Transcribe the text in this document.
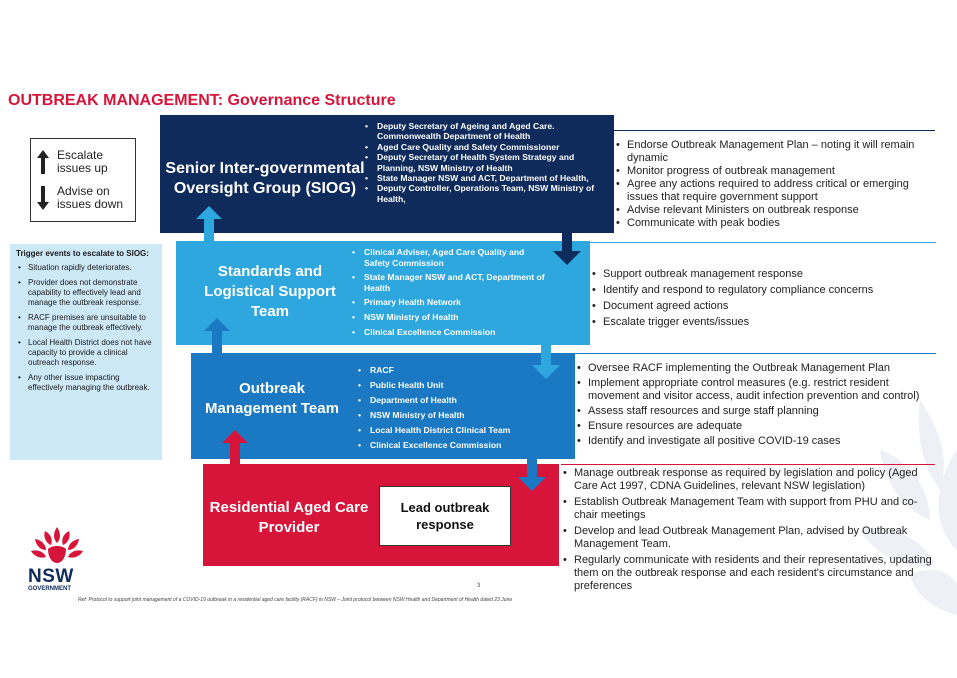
OUTBREAK MANAGEMENT: Governance Structure
Escalate issues up
Advise on issues down
Trigger events to escalate to SIOG:
• Situation rapidly deteriorates.
• Provider does not demonstrate capability to effectively lead and manage the outbreak response.
• RACF premises are unsuitable to manage the outbreak effectively.
• Local Health District does not have capacity to provide a clinical outreach response.
• Any other issue impacting effectively managing the outbreak.
Senior Inter-governmental Oversight Group (SIOG)
• Deputy Secretary of Ageing and Aged Care. Commonwealth Department of Health
• Aged Care Quality and Safety Commissioner
• Deputy Secretary of Health System Strategy and Planning, NSW Ministry of Health
• State Manager NSW and ACT, Department of Health,
• Deputy Controller, Operations Team, NSW Ministry of Health,
Standards and Logistical Support Team
• Clinical Adviser, Aged Care Quality and Safety Commission
• State Manager NSW and ACT, Department of Health
• Primary Health Network
• NSW Ministry of Health
• Clinical Excellence Commission
Outbreak Management Team
• RACF
• Public Health Unit
• Department of Health
• NSW Ministry of Health
• Local Health District Clinical Team
• Clinical Excellence Commission
Residential Aged Care Provider
Lead outbreak response
• Endorse Outbreak Management Plan – noting it will remain dynamic
• Monitor progress of outbreak management
• Agree any actions required to address critical or emerging issues that require government support
• Advise relevant Ministers on outbreak response
• Communicate with peak bodies
• Support outbreak management response
• Identify and respond to regulatory compliance concerns
• Document agreed actions
• Escalate trigger events/issues
• Oversee RACF implementing the Outbreak Management Plan
• Implement appropriate control measures (e.g. restrict resident movement and visitor access, audit infection prevention and control)
• Assess staff resources and surge staff planning
• Ensure resources are adequate
• Identify and investigate all positive COVID-19 cases
• Manage outbreak response as required by legislation and policy (Aged Care Act 1997, CDNA Guidelines, relevant NSW legislation)
• Establish Outbreak Management Team with support from PHU and co-chair meetings
• Develop and lead Outbreak Management Plan, advised by Outbreak Management Team.
• Regularly communicate with residents and their representatives, updating them on the outbreak response and each resident's circumstance and preferences
NSW
GOVERNMENT	3
Ref: Protocol to support joint management of a COVID-19 outbreak in a residential aged care facility (RACF) in NSW – Joint protocol between NSW Health and Department of Health dated 23 June
